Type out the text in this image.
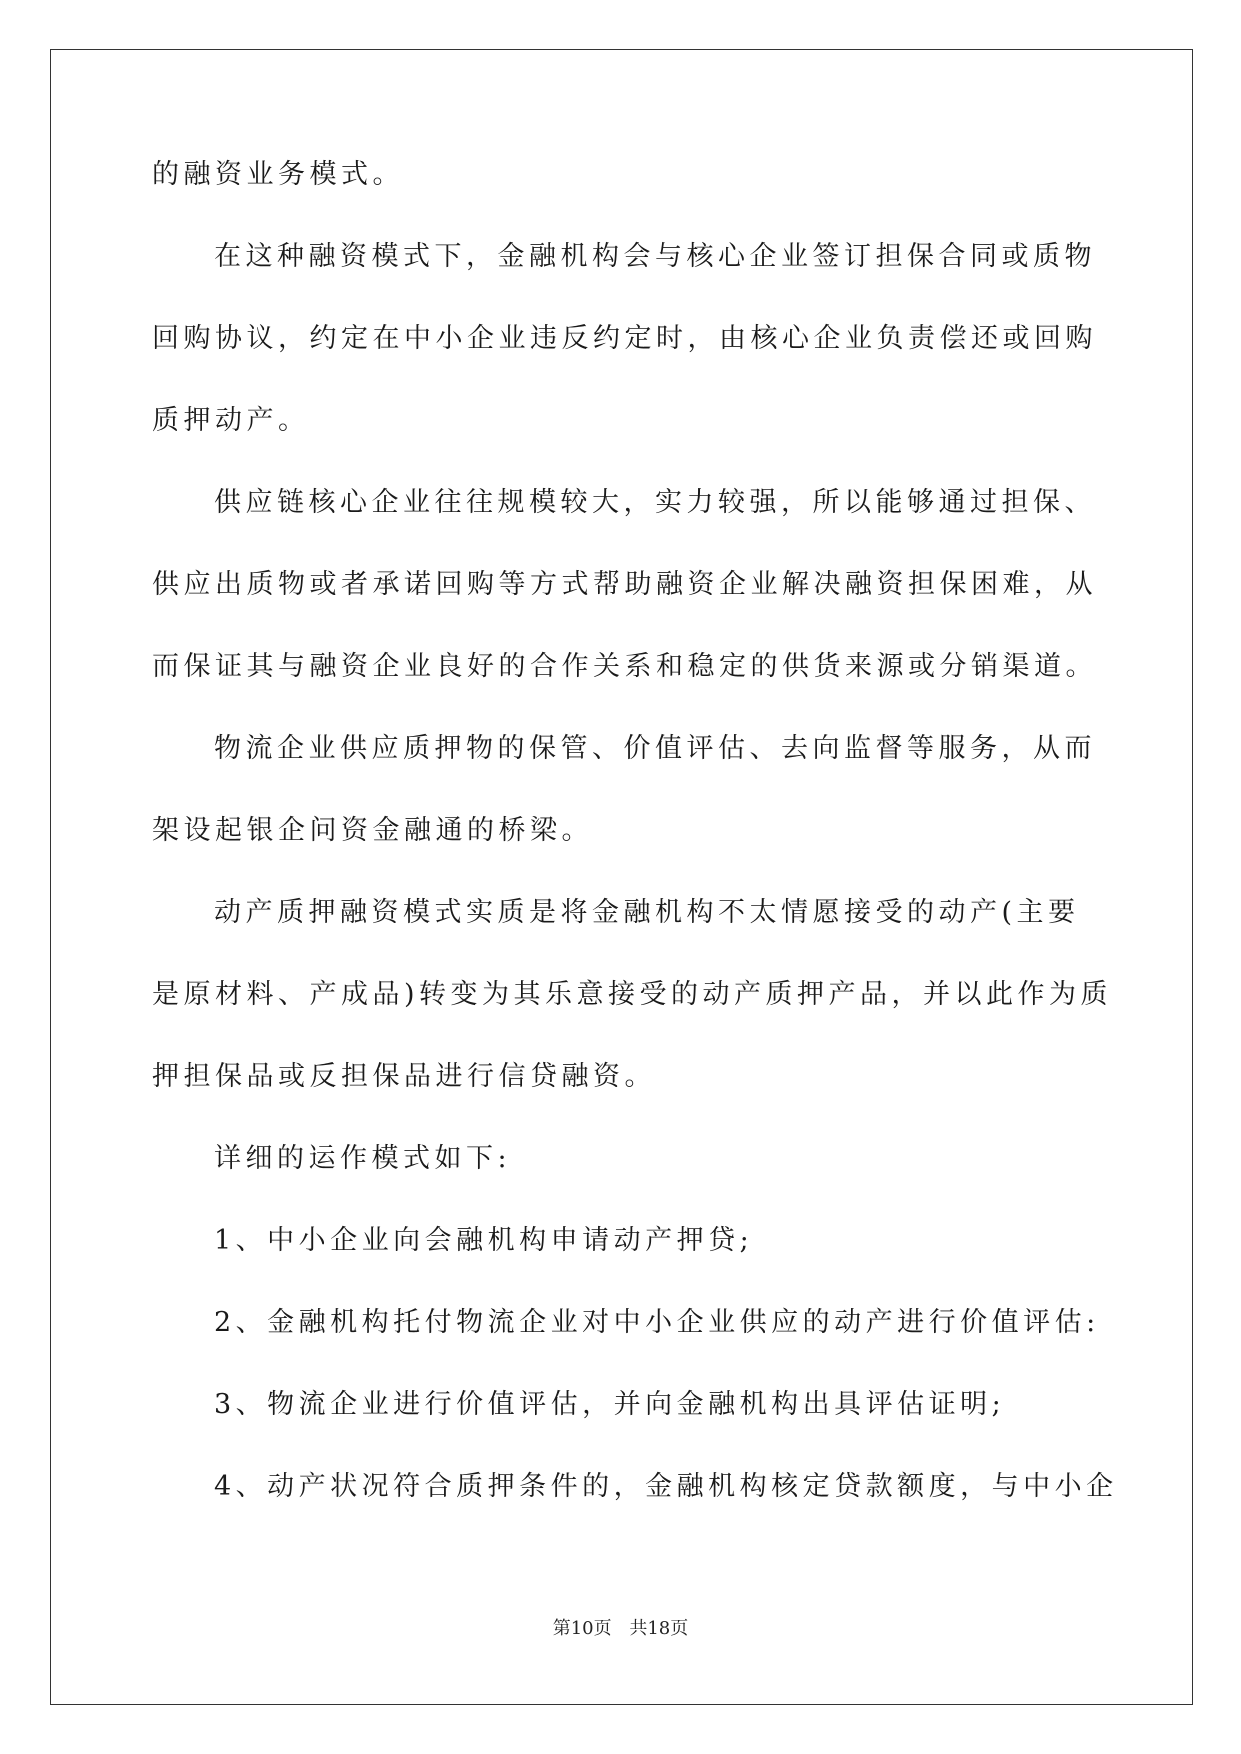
的融资业务模式。
在这种融资模式下，金融机构会与核心企业签订担保合同或质物
回购协议，约定在中小企业违反约定时，由核心企业负责偿还或回购
质押动产。
供应链核心企业往往规模较大，实力较强，所以能够通过担保、
供应出质物或者承诺回购等方式帮助融资企业解决融资担保困难，从
而保证其与融资企业良好的合作关系和稳定的供货来源或分销渠道。
物流企业供应质押物的保管、价值评估、去向监督等服务，从而
架设起银企问资金融通的桥梁。
动产质押融资模式实质是将金融机构不太情愿接受的动产(主要
是原材料、产成品)转变为其乐意接受的动产质押产品，并以此作为质
押担保品或反担保品进行信贷融资。
详细的运作模式如下:
1、中小企业向会融机构申请动产押贷;
2、金融机构托付物流企业对中小企业供应的动产进行价值评估:
3、物流企业进行价值评估，并向金融机构出具评估证明;
4、动产状况符合质押条件的，金融机构核定贷款额度，与中小企
第10页 共18页
